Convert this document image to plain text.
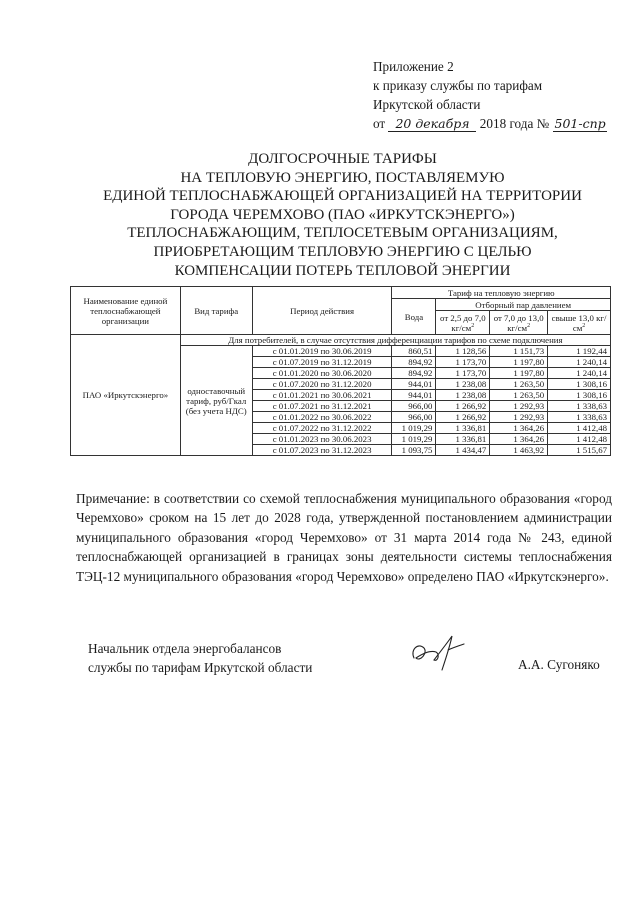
Приложение 2
к приказу службы по тарифам
Иркутской области
от 20 декабря 2018 года № 501-спр
ДОЛГОСРОЧНЫЕ ТАРИФЫ
НА ТЕПЛОВУЮ ЭНЕРГИЮ, ПОСТАВЛЯЕМУЮ
ЕДИНОЙ ТЕПЛОСНАБЖАЮЩЕЙ ОРГАНИЗАЦИЕЙ НА ТЕРРИТОРИИ
ГОРОДА ЧЕРЕМХОВО (ПАО «ИРКУТСКЭНЕРГО»)
ТЕПЛОСНАБЖАЮЩИМ, ТЕПЛОСЕТЕВЫМ ОРГАНИЗАЦИЯМ,
ПРИОБРЕТАЮЩИМ ТЕПЛОВУЮ ЭНЕРГИЮ С ЦЕЛЬЮ
КОМПЕНСАЦИИ ПОТЕРЬ ТЕПЛОВОЙ ЭНЕРГИИ
Наименование единой теплоснабжающей организации	Вид тарифа	Период действия	Тариф на тепловую энергию			
			Вода	Отборный пар давлением		
				от 2,5 до 7,0 $кг/см^2$	от 7,0 до 13,0 $кг/см^2$	свыше 13,0 $кг/см^2$
ПАО «Иркутскэнерго»	Для потребителей, в случае отсутствия дифференциации тарифов по схеме подключения					
	одноставочный тариф, руб/Гкал (без учета НДС)	с 01.01.2019 по 30.06.2019	860,51	1 128,56	1 151,73	1 192,44
		с 01.07.2019 по 31.12.2019	894,92	1 173,70	1 197,80	1 240,14
		с 01.01.2020 по 30.06.2020	894,92	1 173,70	1 197,80	1 240,14
		с 01.07.2020 по 31.12.2020	944,01	1 238,08	1 263,50	1 308,16
		с 01.01.2021 по 30.06.2021	944,01	1 238,08	1 263,50	1 308,16
		с 01.07.2021 по 31.12.2021	966,00	1 266,92	1 292,93	1 338,63
		с 01.01.2022 по 30.06.2022	966,00	1 266,92	1 292,93	1 338,63
		с 01.07.2022 по 31.12.2022	1 019,29	1 336,81	1 364,26	1 412,48
		с 01.01.2023 по 30.06.2023	1 019,29	1 336,81	1 364,26	1 412,48
		с 01.07.2023 по 31.12.2023	1 093,75	1 434,47	1 463,92	1 515,67
Примечание: в соответствии со схемой теплоснабжения муниципального образования «город Черемхово» сроком на 15 лет до 2028 года, утвержденной постановлением администрации муниципального образования «город Черемхово» от 31 марта 2014 года № 243, единой теплоснабжающей организацией в границах зоны деятельности системы теплоснабжения ТЭЦ-12 муниципального образования «город Черемхово» определено ПАО «Иркутскэнерго».
Начальник отдела энергобалансов
службы по тарифам Иркутской области	А.А. Сугоняко
